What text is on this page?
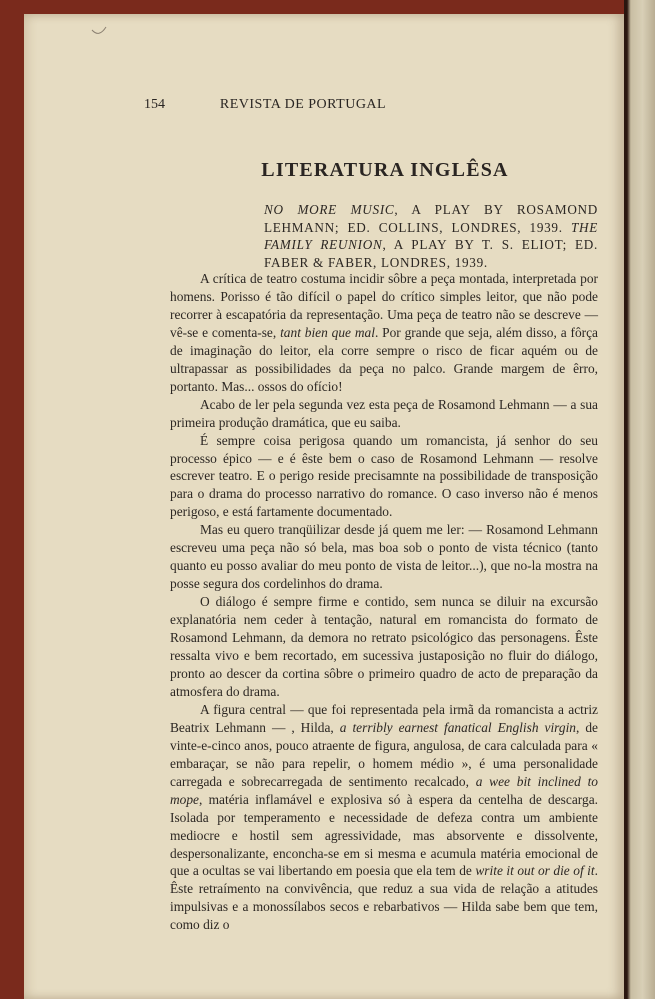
154	REVISTA DE PORTUGAL
LITERATURA INGLÊSA
NO MORE MUSIC, A PLAY BY ROSAMOND LEHMANN; ED. COLLINS, LONDRES, 1939. THE FAMILY REUNION, A PLAY BY T. S. ELIOT; ED. FABER & FABER, LONDRES, 1939.

A crítica de teatro costuma incidir sôbre a peça montada, interpretada por homens. Porisso é tão difícil o papel do crítico simples leitor, que não pode recorrer à escapatória da representação. Uma peça de teatro não se descreve — vê-se e comenta-se, tant bien que mal. Por grande que seja, além disso, a fôrça de imaginação do leitor, ela corre sempre o risco de ficar aquém ou de ultrapassar as possibilidades da peça no palco. Grande margem de êrro, portanto. Mas... ossos do ofício!

Acabo de ler pela segunda vez esta peça de Rosamond Lehmann — a sua primeira produção dramática, que eu saiba.

É sempre coisa perigosa quando um romancista, já senhor do seu processo épico — e é êste bem o caso de Rosamond Lehmann — resolve escrever teatro. E o perigo reside precisamnte na possibilidade de transposição para o drama do processo narrativo do romance. O caso inverso não é menos perigoso, e está fartamente documentado.

Mas eu quero tranqüilizar desde já quem me ler: — Rosamond Lehmann escreveu uma peça não só bela, mas boa sob o ponto de vista técnico (tanto quanto eu posso avaliar do meu ponto de vista de leitor...), que no-la mostra na posse segura dos cordelinhos do drama.

O diálogo é sempre firme e contido, sem nunca se diluir na excursão explanatória nem ceder à tentação, natural em romancista do formato de Rosamond Lehmann, da demora no retrato psicológico das personagens. Êste ressalta vivo e bem recortado, em sucessiva justaposição no fluir do diálogo, pronto ao descer da cortina sôbre o primeiro quadro de acto de preparação da atmosfera do drama.

A figura central — que foi representada pela irmã da romancista a actriz Beatrix Lehmann — , Hilda, a terribly earnest fanatical English virgin, de vinte-e-cinco anos, pouco atraente de figura, angulosa, de cara calculada para « embaraçar, se não para repelir, o homem médio », é uma personalidade carregada e sobrecarregada de sentimento recalcado, a wee bit inclined to mope, matéria inflamável e explosiva só à espera da centelha de descarga. Isolada por temperamento e necessidade de defeza contra um ambiente mediocre e hostil sem agressividade, mas absorvente e dissolvente, despersonalizante, enconcha-se em si mesma e acumula matéria emocional de que a ocultas se vai libertando em poesia que ela tem de write it out or die of it. Êste retraímento na convivência, que reduz a sua vida de relação a atitudes impulsivas e a monossílabos secos e rebarbativos — Hilda sabe bem que tem, como diz o
